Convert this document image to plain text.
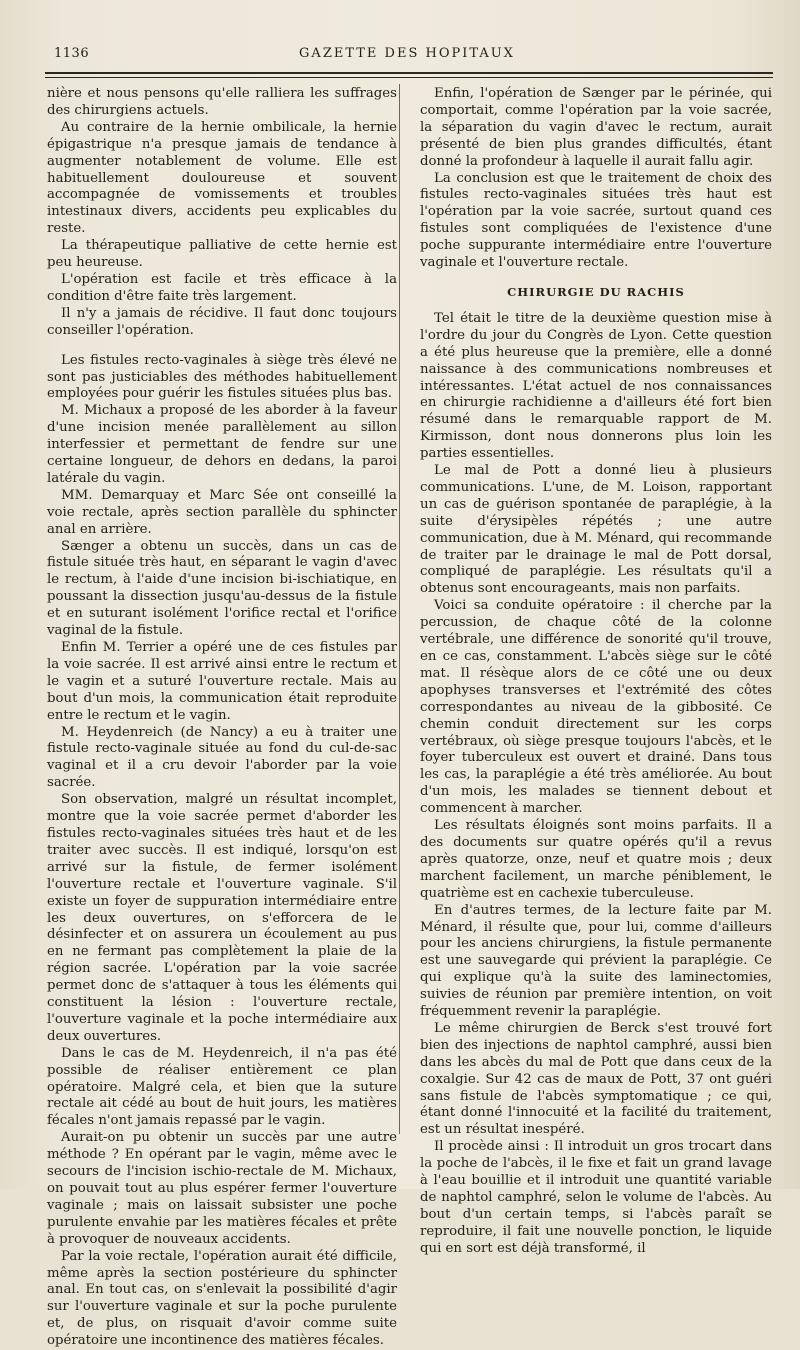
1136	GAZETTE DES HOPITAUX

nière et nous pensons qu'elle ralliera les suffrages des chirurgiens actuels.

Au contraire de la hernie ombilicale, la hernie épigastrique n'a presque jamais de tendance à augmenter notablement de volume. Elle est habituellement douloureuse et souvent accompagnée de vomissements et troubles intestinaux divers, accidents peu explicables du reste.

La thérapeutique palliative de cette hernie est peu heureuse.

L'opération est facile et très efficace à la condition d'être faite très largement.

Il n'y a jamais de récidive. Il faut donc toujours conseiller l'opération.

Les fistules recto-vaginales à siège très élevé ne sont pas justiciables des méthodes habituellement employées pour guérir les fistules situées plus bas.

M. Michaux a proposé de les aborder à la faveur d'une incision menée parallèlement au sillon interfessier et permettant de fendre sur une certaine longueur, de dehors en dedans, la paroi latérale du vagin.

MM. Demarquay et Marc Sée ont conseillé la voie rectale, après section parallèle du sphincter anal en arrière.

Sænger a obtenu un succès, dans un cas de fistule située très haut, en séparant le vagin d'avec le rectum, à l'aide d'une incision bi-ischiatique, en poussant la dissection jusqu'au-dessus de la fistule et en suturant isolément l'orifice rectal et l'orifice vaginal de la fistule.

Enfin M. Terrier a opéré une de ces fistules par la voie sacrée. Il est arrivé ainsi entre le rectum et le vagin et a suturé l'ouverture rectale. Mais au bout d'un mois, la communication était reproduite entre le rectum et le vagin.

M. Heydenreich (de Nancy) a eu à traiter une fistule recto-vaginale située au fond du cul-de-sac vaginal et il a cru devoir l'aborder par la voie sacrée.

Son observation, malgré un résultat incomplet, montre que la voie sacrée permet d'aborder les fistules recto-vaginales situées très haut et de les traiter avec succès. Il est indiqué, lorsqu'on est arrivé sur la fistule, de fermer isolément l'ouverture rectale et l'ouverture vaginale. S'il existe un foyer de suppuration intermédiaire entre les deux ouvertures, on s'efforcera de le désinfecter et on assurera un écoulement au pus en ne fermant pas complètement la plaie de la région sacrée. L'opération par la voie sacrée permet donc de s'attaquer à tous les éléments qui constituent la lésion : l'ouverture rectale, l'ouverture vaginale et la poche intermédiaire aux deux ouvertures.

Dans le cas de M. Heydenreich, il n'a pas été possible de réaliser entièrement ce plan opératoire. Malgré cela, et bien que la suture rectale ait cédé au bout de huit jours, les matières fécales n'ont jamais repassé par le vagin.

Aurait-on pu obtenir un succès par une autre méthode ? En opérant par le vagin, même avec le secours de l'incision ischio-rectale de M. Michaux, on pouvait tout au plus espérer fermer l'ouverture vaginale ; mais on laissait subsister une poche purulente envahie par les matières fécales et prête à provoquer de nouveaux accidents.

Par la voie rectale, l'opération aurait été difficile, même après la section postérieure du sphincter anal. En tout cas, on s'enlevait la possibilité d'agir sur l'ouverture vaginale et sur la poche purulente et, de plus, on risquait d'avoir comme suite opératoire une incontinence des matières fécales.

Enfin, l'opération de Sænger par le périnée, qui comportait, comme l'opération par la voie sacrée, la séparation du vagin d'avec le rectum, aurait présenté de bien plus grandes difficultés, étant donné la profondeur à laquelle il aurait fallu agir.

La conclusion est que le traitement de choix des fistules recto-vaginales situées très haut est l'opération par la voie sacrée, surtout quand ces fistules sont compliquées de l'existence d'une poche suppurante intermédiaire entre l'ouverture vaginale et l'ouverture rectale.

CHIRURGIE DU RACHIS

Tel était le titre de la deuxième question mise à l'ordre du jour du Congrès de Lyon. Cette question a été plus heureuse que la première, elle a donné naissance à des communications nombreuses et intéressantes. L'état actuel de nos connaissances en chirurgie rachidienne a d'ailleurs été fort bien résumé dans le remarquable rapport de M. Kirmisson, dont nous donnerons plus loin les parties essentielles.

Le mal de Pott a donné lieu à plusieurs communications. L'une, de M. Loison, rapportant un cas de guérison spontanée de paraplégie, à la suite d'érysipèles répétés ; une autre communication, due à M. Ménard, qui recommande de traiter par le drainage le mal de Pott dorsal, compliqué de paraplégie. Les résultats qu'il a obtenus sont encourageants, mais non parfaits.

Voici sa conduite opératoire : il cherche par la percussion, de chaque côté de la colonne vertébrale, une différence de sonorité qu'il trouve, en ce cas, constamment. L'abcès siège sur le côté mat. Il résèque alors de ce côté une ou deux apophyses transverses et l'extrémité des côtes correspondantes au niveau de la gibbosité. Ce chemin conduit directement sur les corps vertébraux, où siège presque toujours l'abcès, et le foyer tuberculeux est ouvert et drainé. Dans tous les cas, la paraplégie a été très améliorée. Au bout d'un mois, les malades se tiennent debout et commencent à marcher.

Les résultats éloignés sont moins parfaits. Il a des documents sur quatre opérés qu'il a revus après quatorze, onze, neuf et quatre mois ; deux marchent facilement, un marche péniblement, le quatrième est en cachexie tuberculeuse.

En d'autres termes, de la lecture faite par M. Ménard, il résulte que, pour lui, comme d'ailleurs pour les anciens chirurgiens, la fistule permanente est une sauvegarde qui prévient la paraplégie. Ce qui explique qu'à la suite des laminectomies, suivies de réunion par première intention, on voit fréquemment revenir la paraplégie.

Le même chirurgien de Berck s'est trouvé fort bien des injections de naphtol camphré, aussi bien dans les abcès du mal de Pott que dans ceux de la coxalgie. Sur 42 cas de maux de Pott, 37 ont guéri sans fistule de l'abcès symptomatique ; ce qui, étant donné l'innocuité et la facilité du traitement, est un résultat inespéré.

Il procède ainsi : Il introduit un gros trocart dans la poche de l'abcès, il le fixe et fait un grand lavage à l'eau bouillie et il introduit une quantité variable de naphtol camphré, selon le volume de l'abcès. Au bout d'un certain temps, si l'abcès paraît se reproduire, il fait une nouvelle ponction, le liquide qui en sort est déjà transformé, il
